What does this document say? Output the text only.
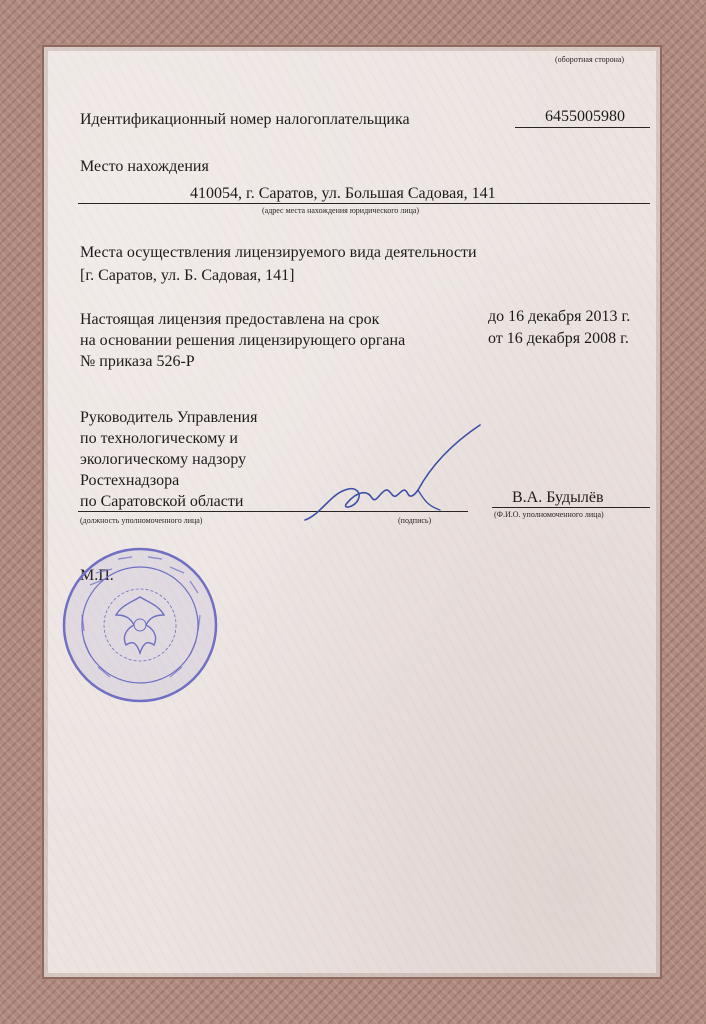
(оборотная сторона)
Идентификационный номер налогоплательщика	6455005980
Место нахождения
410054, г. Саратов, ул. Большая Садовая, 141
(адрес места нахождения юридического лица)
Места осуществления лицензируемого вида деятельности
[г. Саратов, ул. Б. Садовая, 141]
Настоящая лицензия предоставлена на срок	до 16 декабря 2013 г.
на основании решения лицензирующего органа	от 16 декабря 2008 г.
№ приказа 526-Р
Руководитель Управления
по технологическому и
экологическому надзору
Ростехнадзора
по Саратовской области	В.А. Будылёв
(должность уполномоченного лица)	(подпись)
(Ф.И.О. уполномоченного лица)
